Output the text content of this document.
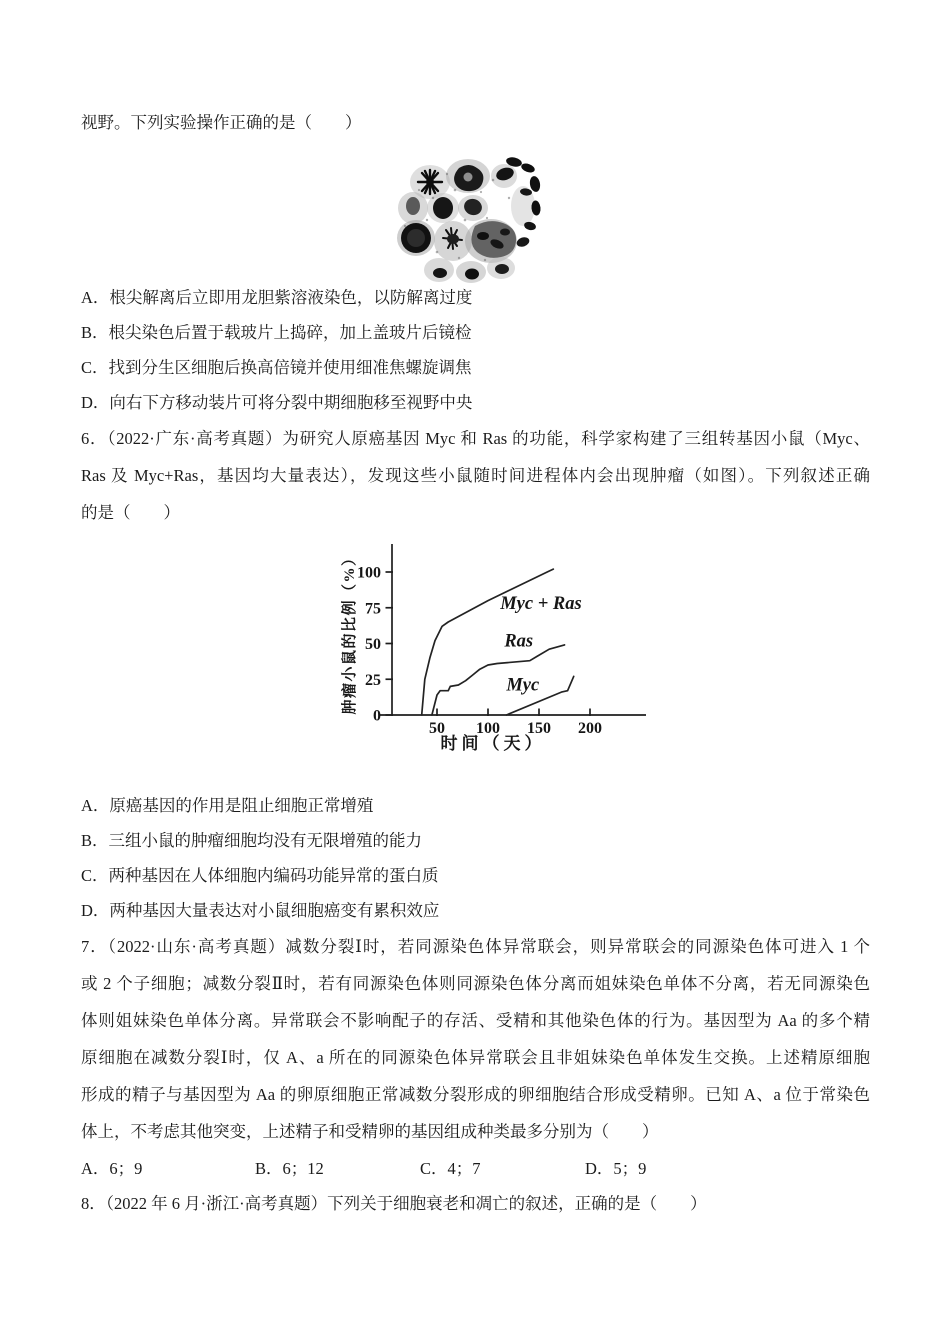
视野。下列实验操作正确的是（　　）
A．根尖解离后立即用龙胆紫溶液染色，以防解离过度
B．根尖染色后置于载玻片上捣碎，加上盖玻片后镜检
C．找到分生区细胞后换高倍镜并使用细准焦螺旋调焦
D．向右下方移动装片可将分裂中期细胞移至视野中央
6．（2022·广东·高考真题）为研究人原癌基因 Myc 和 Ras 的功能，科学家构建了三组转基因小鼠（Myc、
Ras 及 Myc+Ras，基因均大量表达），发现这些小鼠随时间进程体内会出现肿瘤（如图）。下列叙述正确
的是（　　）
0
25
50
75
100
50 100 150 200
Myc + Ras
Ras
Myc
肿瘤小鼠的比例（%）
时间（天）
A．原癌基因的作用是阻止细胞正常增殖
B．三组小鼠的肿瘤细胞均没有无限增殖的能力
C．两种基因在人体细胞内编码功能异常的蛋白质
D．两种基因大量表达对小鼠细胞癌变有累积效应
7．（2022·山东·高考真题）减数分裂Ⅰ时，若同源染色体异常联会，则异常联会的同源染色体可进入 1 个
或 2 个子细胞；减数分裂Ⅱ时，若有同源染色体则同源染色体分离而姐妹染色单体不分离，若无同源染色
体则姐妹染色单体分离。异常联会不影响配子的存活、受精和其他染色体的行为。基因型为 Aa 的多个精
原细胞在减数分裂Ⅰ时，仅 A、a 所在的同源染色体异常联会且非姐妹染色单体发生交换。上述精原细胞
形成的精子与基因型为 Aa 的卵原细胞正常减数分裂形成的卵细胞结合形成受精卵。已知 A、a 位于常染色
体上，不考虑其他突变，上述精子和受精卵的基因组成种类最多分别为（　　）
A．6；9	B．6；12	C．4；7	D．5；9
8．（2022 年 6 月·浙江·高考真题）下列关于细胞衰老和凋亡的叙述，正确的是（　　）
